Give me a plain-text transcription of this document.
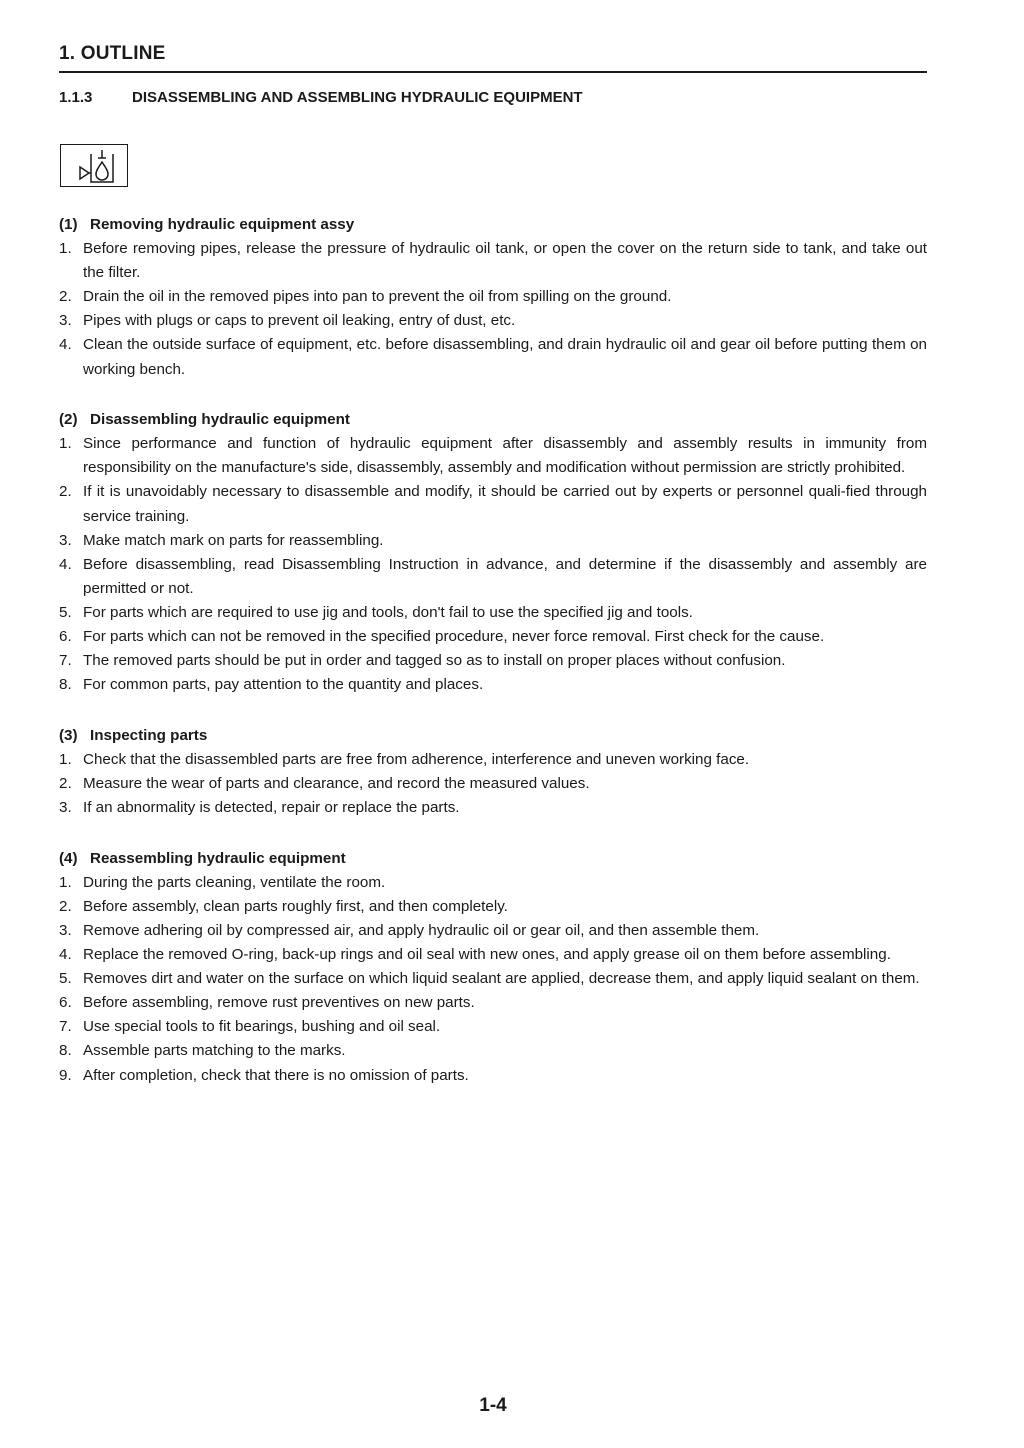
1. OUTLINE
1.1.3	DISASSEMBLING AND ASSEMBLING HYDRAULIC EQUIPMENT
(1) Removing hydraulic equipment assy
1. Before removing pipes, release the pressure of hydraulic oil tank, or open the cover on the return side to tank, and take out the filter.
2. Drain the oil in the removed pipes into pan to prevent the oil from spilling on the ground.
3. Pipes with plugs or caps to prevent oil leaking, entry of dust, etc.
4. Clean the outside surface of equipment, etc. before disassembling, and drain hydraulic oil and gear oil before putting them on working bench.
(2) Disassembling hydraulic equipment
1. Since performance and function of hydraulic equipment after disassembly and assembly results in immunity from responsibility on the manufacture's side, disassembly, assembly and modification without permission are strictly prohibited.
2. If it is unavoidably necessary to disassemble and modify, it should be carried out by experts or personnel quali-fied through service training.
3. Make match mark on parts for reassembling.
4. Before disassembling, read Disassembling Instruction in advance, and determine if the disassembly and assembly are permitted or not.
5. For parts which are required to use jig and tools, don't fail to use the specified jig and tools.
6. For parts which can not be removed in the specified procedure, never force removal. First check for the cause.
7. The removed parts should be put in order and tagged so as to install on proper places without confusion.
8. For common parts, pay attention to the quantity and places.
(3) Inspecting parts
1. Check that the disassembled parts are free from adherence, interference and uneven working face.
2. Measure the wear of parts and clearance, and record the measured values.
3. If an abnormality is detected, repair or replace the parts.
(4) Reassembling hydraulic equipment
1. During the parts cleaning, ventilate the room.
2. Before assembly, clean parts roughly first, and then completely.
3. Remove adhering oil by compressed air, and apply hydraulic oil or gear oil, and then assemble them.
4. Replace the removed O-ring, back-up rings and oil seal with new ones, and apply grease oil on them before assembling.
5. Removes dirt and water on the surface on which liquid sealant are applied, decrease them, and apply liquid sealant on them.
6. Before assembling, remove rust preventives on new parts.
7. Use special tools to fit bearings, bushing and oil seal.
8. Assemble parts matching to the marks.
9. After completion, check that there is no omission of parts.
1-4
